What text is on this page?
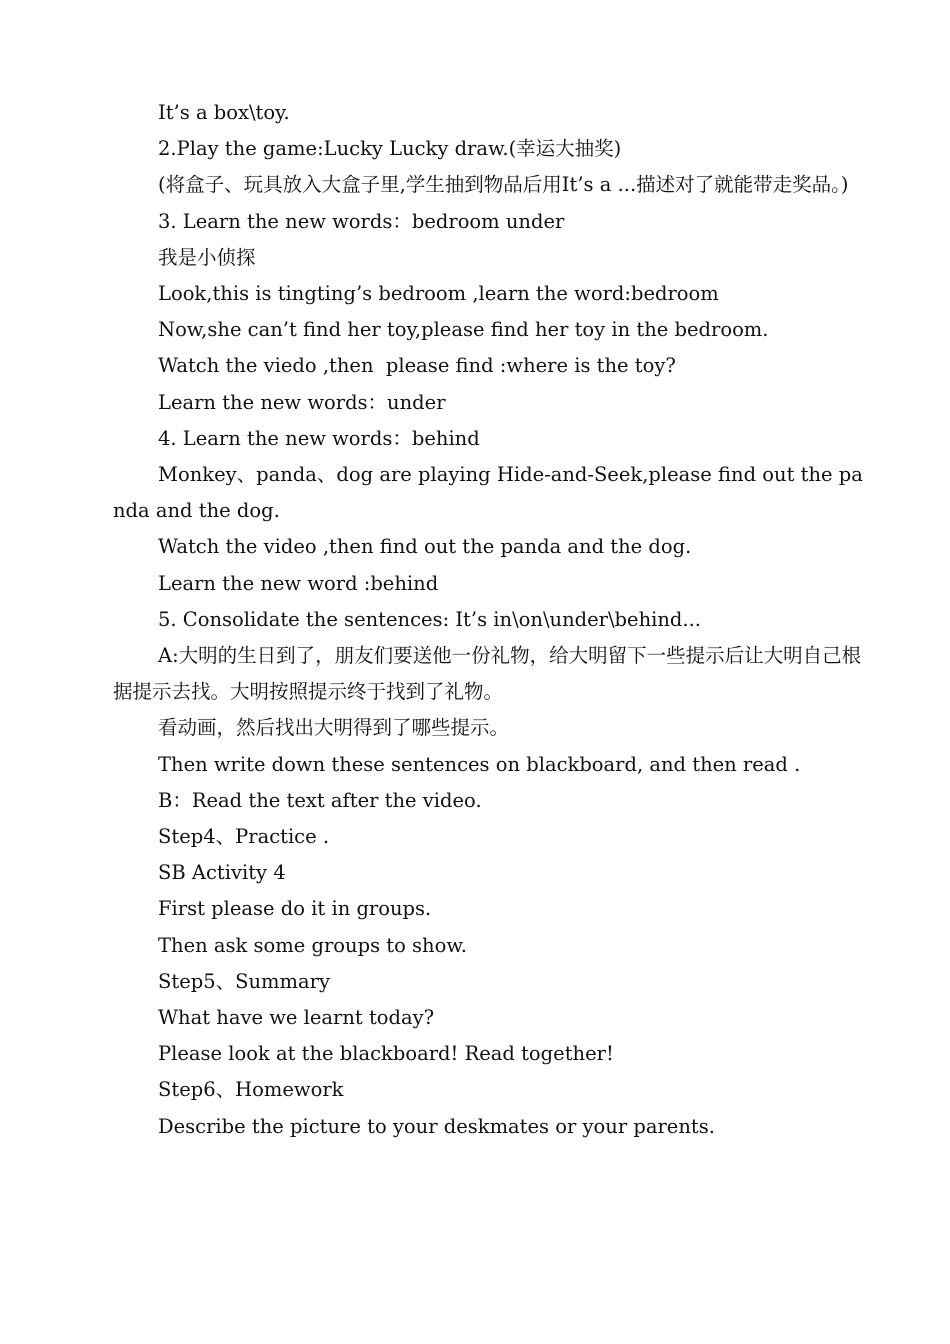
It’s a box\toy.

2.Play the game:Lucky Lucky draw.(幸运大抽奖)

(将盒子、玩具放入大盒子里,学生抽到物品后用It’s a ...描述对了就能带走奖品。)

3. Learn the new words：bedroom under

我是小侦探

Look,this is tingting’s bedroom ,learn the word:bedroom

Now,she can’t find her toy,please find her toy in the bedroom.

Watch the viedo ,then  please find :where is the toy?

Learn the new words：under

4. Learn the new words：behind

Monkey、panda、dog are playing Hide-and-Seek,please find out the panda and the dog.

Watch the video ,then find out the panda and the dog.

Learn the new word :behind

5. Consolidate the sentences: It’s in\on\under\behind...

A:大明的生日到了，朋友们要送他一份礼物，给大明留下一些提示后让大明自己根据提示去找。大明按照提示终于找到了礼物。

看动画，然后找出大明得到了哪些提示。

Then write down these sentences on blackboard, and then read .

B：Read the text after the video.

Step4、Practice .

SB Activity 4

First please do it in groups.

Then ask some groups to show.

Step5、Summary

What have we learnt today?

Please look at the blackboard! Read together!

Step6、Homework

Describe the picture to your deskmates or your parents.
